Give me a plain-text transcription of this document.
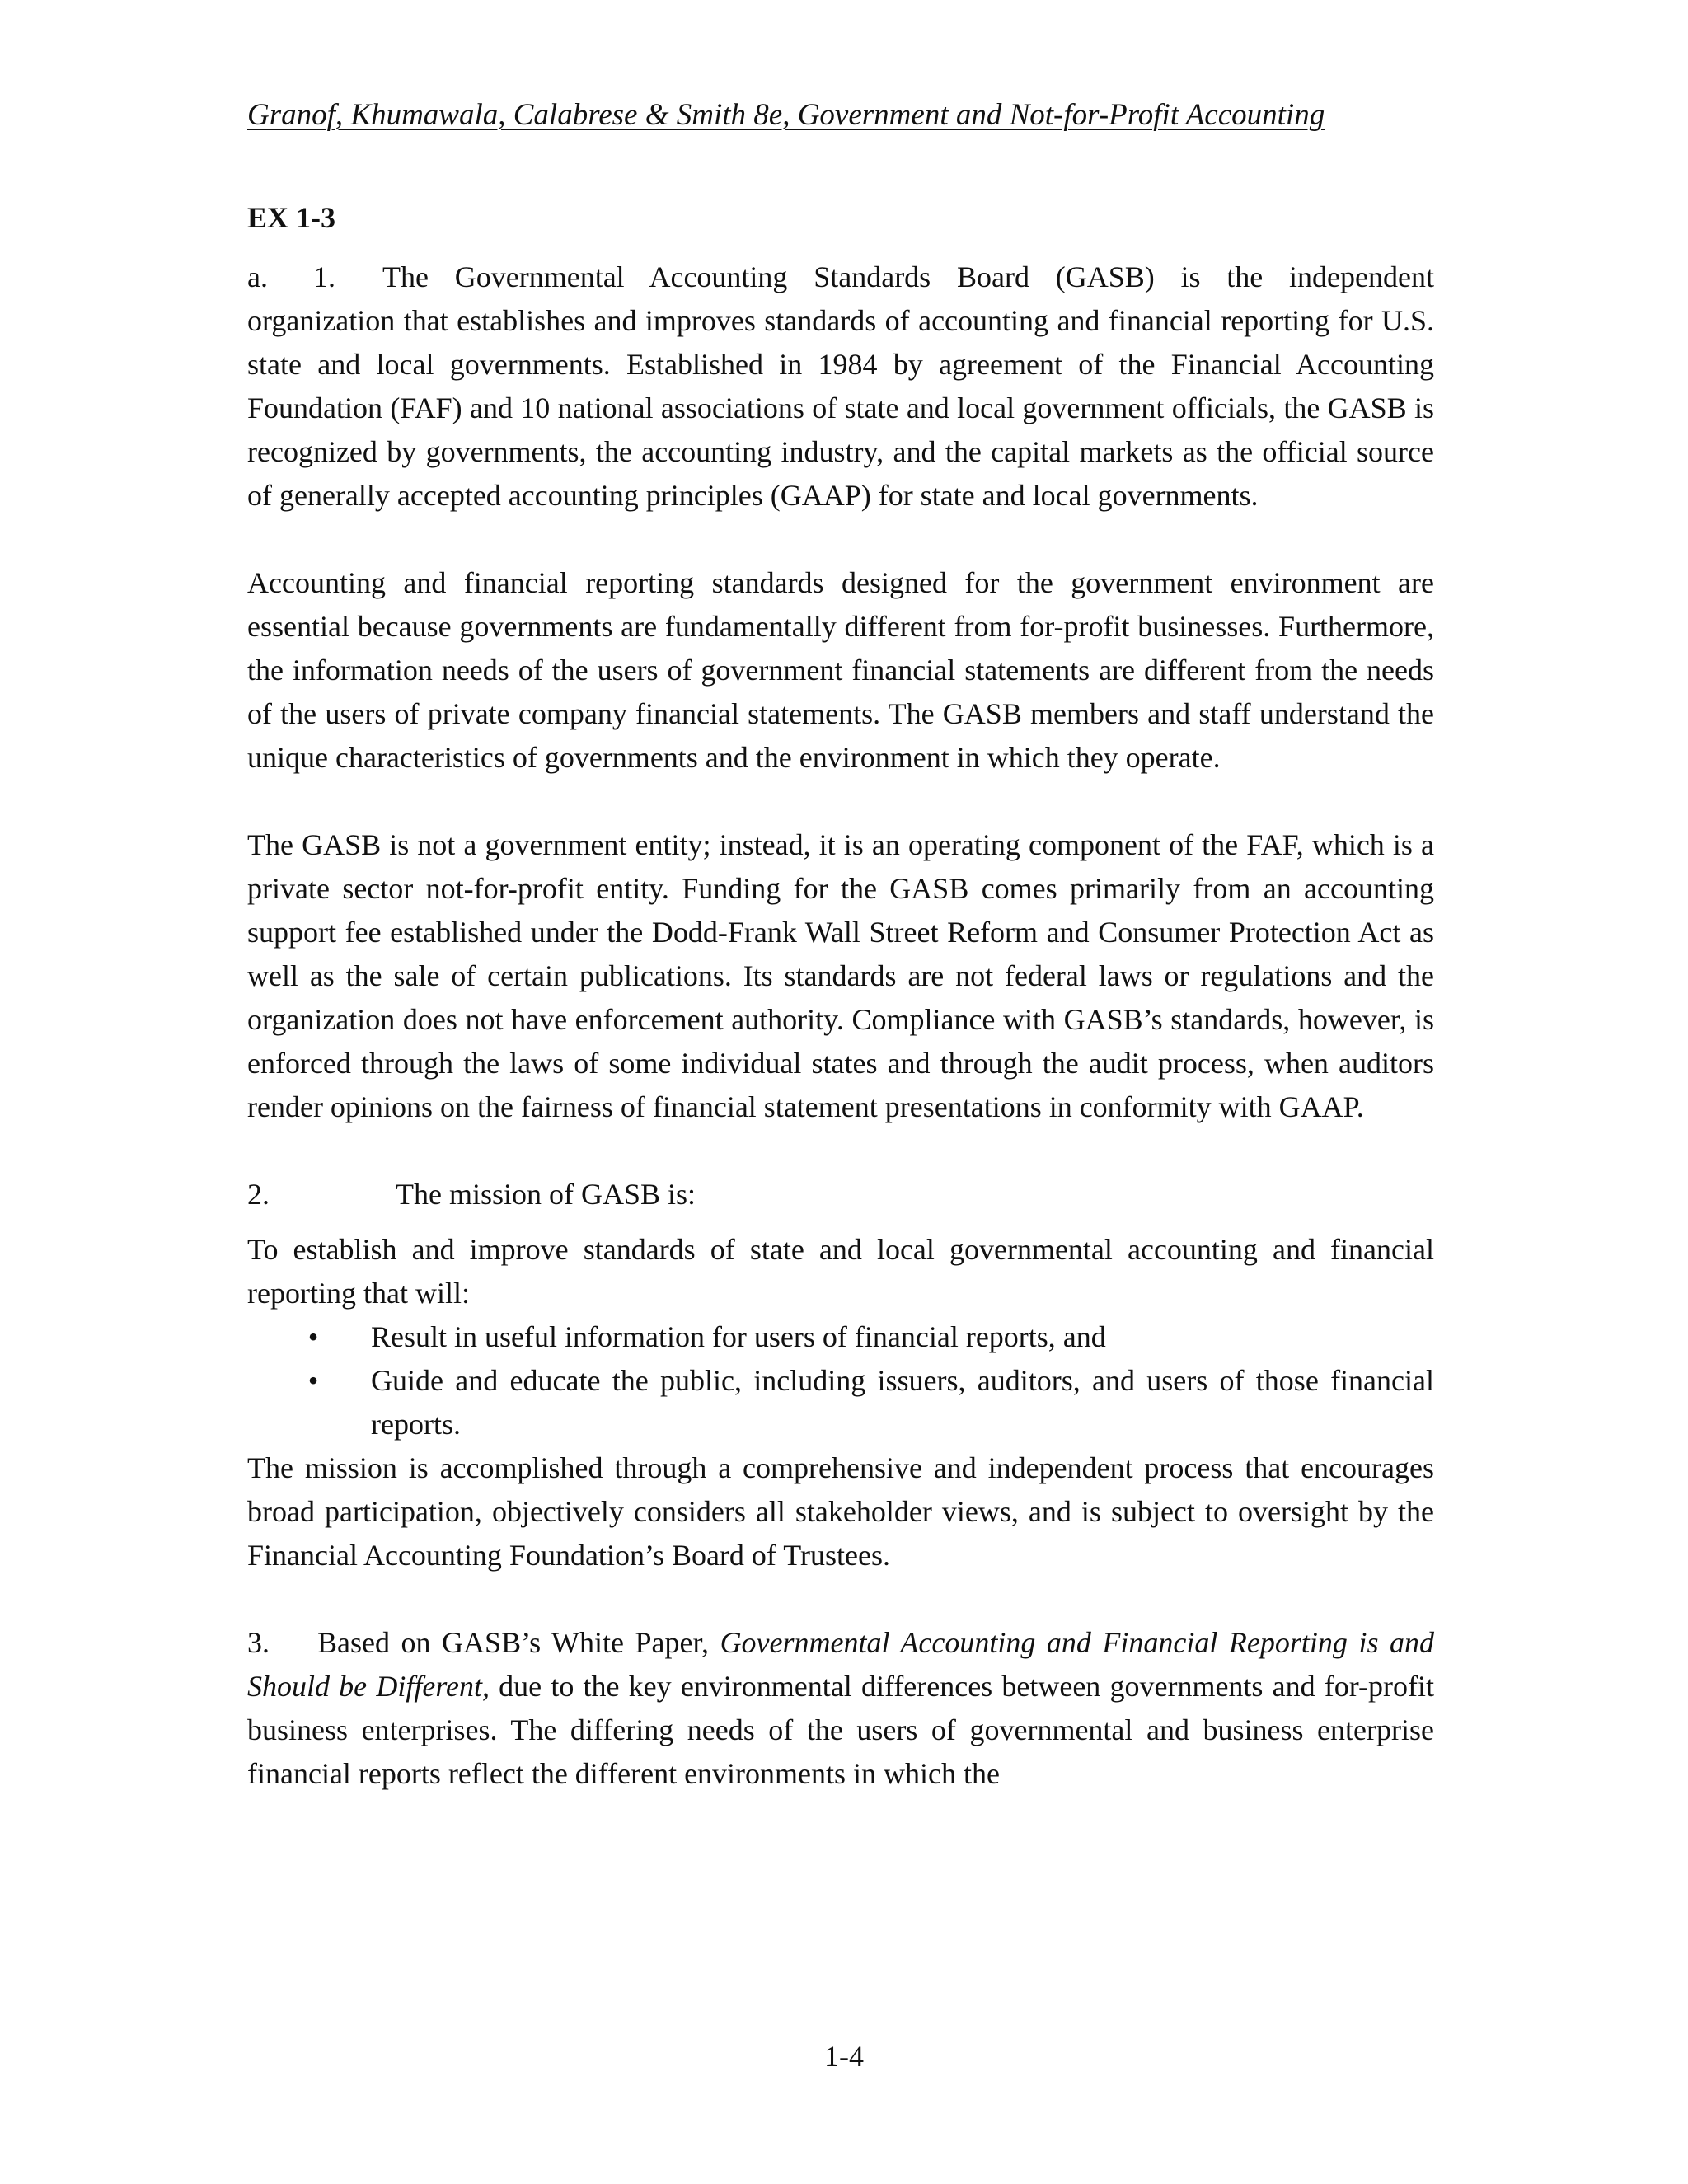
Granof, Khumawala, Calabrese & Smith 8e, Government and Not-for-Profit Accounting
EX 1-3

a. 1. The Governmental Accounting Standards Board (GASB) is the independent organization that establishes and improves standards of accounting and financial reporting for U.S. state and local governments. Established in 1984 by agreement of the Financial Accounting Foundation (FAF) and 10 national associations of state and local government officials, the GASB is recognized by governments, the accounting industry, and the capital markets as the official source of generally accepted accounting principles (GAAP) for state and local governments.

Accounting and financial reporting standards designed for the government environment are essential because governments are fundamentally different from for-profit businesses. Furthermore, the information needs of the users of government financial statements are different from the needs of the users of private company financial statements. The GASB members and staff understand the unique characteristics of governments and the environment in which they operate.

The GASB is not a government entity; instead, it is an operating component of the FAF, which is a private sector not-for-profit entity. Funding for the GASB comes primarily from an accounting support fee established under the Dodd-Frank Wall Street Reform and Consumer Protection Act as well as the sale of certain publications. Its standards are not federal laws or regulations and the organization does not have enforcement authority. Compliance with GASB’s standards, however, is enforced through the laws of some individual states and through the audit process, when auditors render opinions on the fairness of financial statement presentations in conformity with GAAP.

2.	The mission of GASB is:

To establish and improve standards of state and local governmental accounting and financial reporting that will:

•	Result in useful information for users of financial reports, and
•	Guide and educate the public, including issuers, auditors, and users of those financial reports.

The mission is accomplished through a comprehensive and independent process that encourages broad participation, objectively considers all stakeholder views, and is subject to oversight by the Financial Accounting Foundation’s Board of Trustees.

3. Based on GASB’s White Paper, Governmental Accounting and Financial Reporting is and Should be Different, due to the key environmental differences between governments and for-profit business enterprises. The differing needs of the users of governmental and business enterprise financial reports reflect the different environments in which the

1-4
